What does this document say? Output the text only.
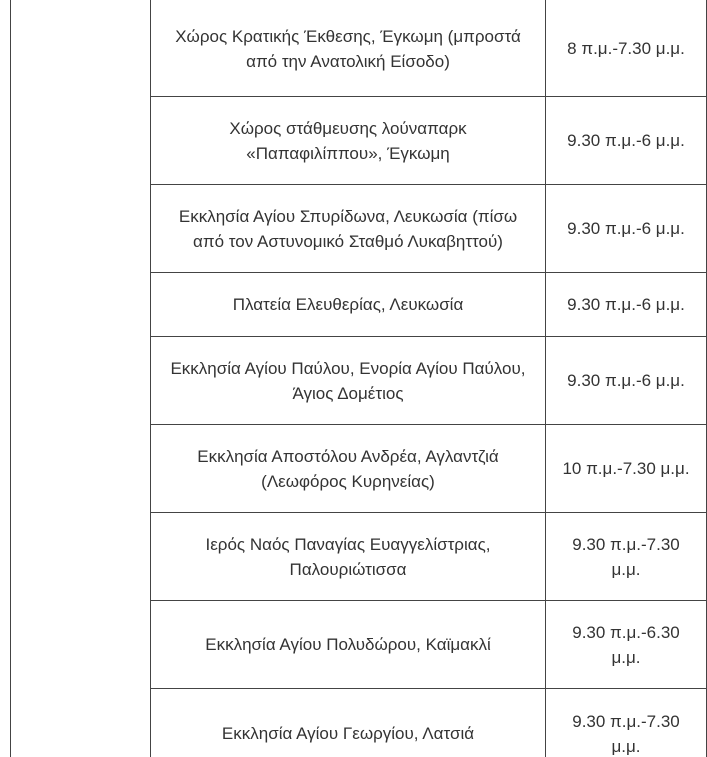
	Χώρος Κρατικής Έκθεσης, Έγκωμη (μπροστά από την Ανατολική Είσοδο)	8 π.μ.-7.30 μ.μ.
	Χώρος στάθμευσης λούναπαρκ «Παπαφιλίππου», Έγκωμη	9.30 π.μ.-6 μ.μ.
	Εκκλησία Αγίου Σπυρίδωνα, Λευκωσία (πίσω από τον Αστυνομικό Σταθμό Λυκαβηττού)	9.30 π.μ.-6 μ.μ.
	Πλατεία Ελευθερίας, Λευκωσία	9.30 π.μ.-6 μ.μ.
	Εκκλησία Αγίου Παύλου, Ενορία Αγίου Παύλου, Άγιος Δομέτιος	9.30 π.μ.-6 μ.μ.
	Εκκλησία Αποστόλου Ανδρέα, Αγλαντζιά (Λεωφόρος Κυρηνείας)	10 π.μ.-7.30 μ.μ.
	Ιερός Ναός Παναγίας Ευαγγελίστριας, Παλουριώτισσα	9.30 π.μ.-7.30 μ.μ.
	Εκκλησία Αγίου Πολυδώρου, Καϊμακλί	9.30 π.μ.-6.30 μ.μ.
	Εκκλησία Αγίου Γεωργίου, Λατσιά	9.30 π.μ.-7.30 μ.μ.
